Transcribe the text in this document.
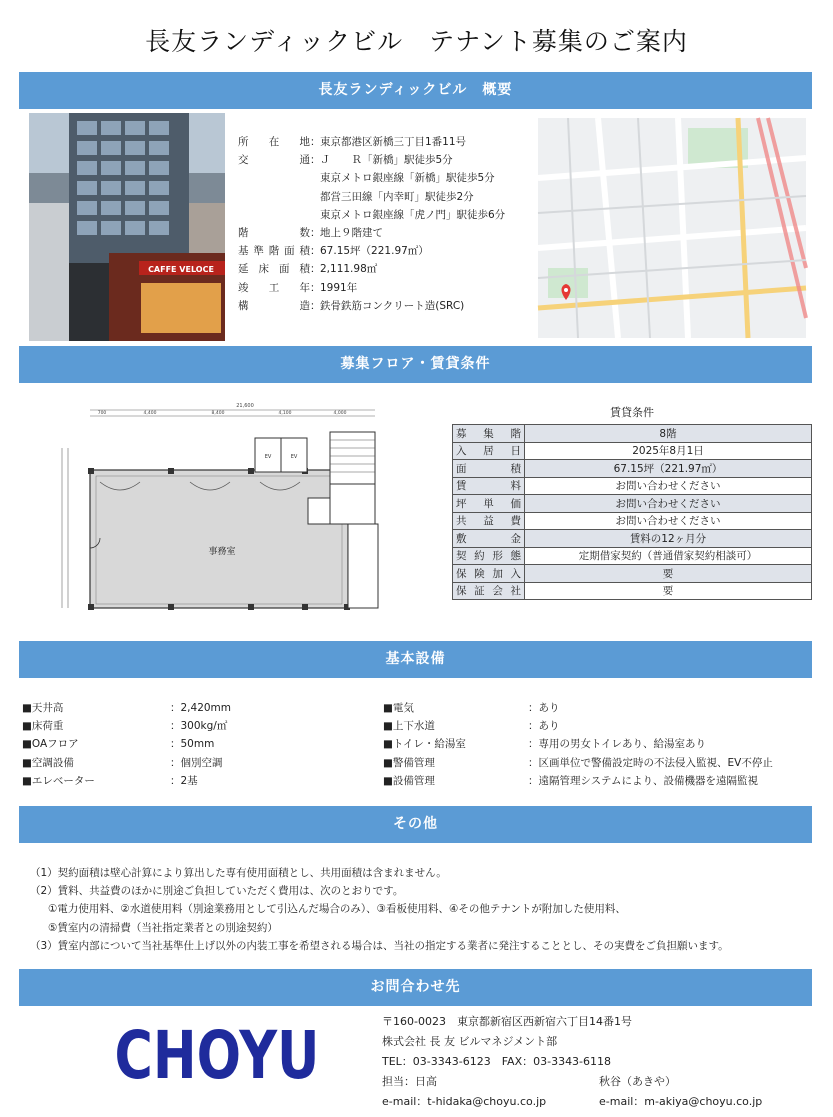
長友ランディックビル　テナント募集のご案内
長友ランディックビル　概要
CAFFE VELOCE
所在地 ： 東京都港区新橋三丁目1番11号
交通 ： Ｊ　　Ｒ「新橋」駅徒歩5分
東京メトロ銀座線「新橋」駅徒歩5分
都営三田線「内幸町」駅徒歩2分
東京メトロ銀座線「虎ノ門」駅徒歩6分
階数 ： 地上９階建て
基準階面積 ： 67.15坪（221.97㎡）
延床面積 ： 2,111.98㎡
竣工年 ： 1991年
構造 ： 鉄骨鉄筋コンクリート造(SRC)
募集フロア・賃貸条件
21,600
700	4,400	8,400	4,100	4,000
事務室
EV	EV
賃貸条件
募集階	8階
入居日	2025年8月1日
面積	67.15坪（221.97㎡）
賃料	お問い合わせください
坪単価	お問い合わせください
共益費	お問い合わせください
敷金	賃料の12ヶ月分
契約形態	定期借家契約（普通借家契約相談可）
保険加入	要
保証会社	要
基本設備
■天井高	：2,420mm
■床荷重	：300kg/㎡
■OAフロア	：50mm
■空調設備	：個別空調
■エレベーター	：2基
■電気	：あり
■上下水道	：あり
■トイレ・給湯室	：専用の男女トイレあり、給湯室あり
■警備管理	：区画単位で警備設定時の不法侵入監視、EV不停止
■設備管理	：遠隔管理システムにより、設備機器を遠隔監視
その他
（1）契約面積は壁心計算により算出した専有使用面積とし、共用面積は含まれません。
（2）賃料、共益費のほかに別途ご負担していただく費用は、次のとおりです。
①電力使用料、②水道使用料（別途業務用として引込んだ場合のみ）、③看板使用料、④その他テナントが附加した使用料、
⑤賃室内の清掃費（当社指定業者との別途契約）
（3）賃室内部について当社基準仕上げ以外の内装工事を希望される場合は、当社の指定する業者に発注することとし、その実費をご負担願います。
お問合わせ先
CHOYU	〒160-0023　東京都新宿区西新宿六丁目14番1号
株式会社 長 友 ビルマネジメント部
TEL：03-3343-6123　FAX：03-3343-6118
担当：日高	秋谷（あきや）
e-mail：t-hidaka@choyu.co.jp	e-mail：m-akiya@choyu.co.jp
